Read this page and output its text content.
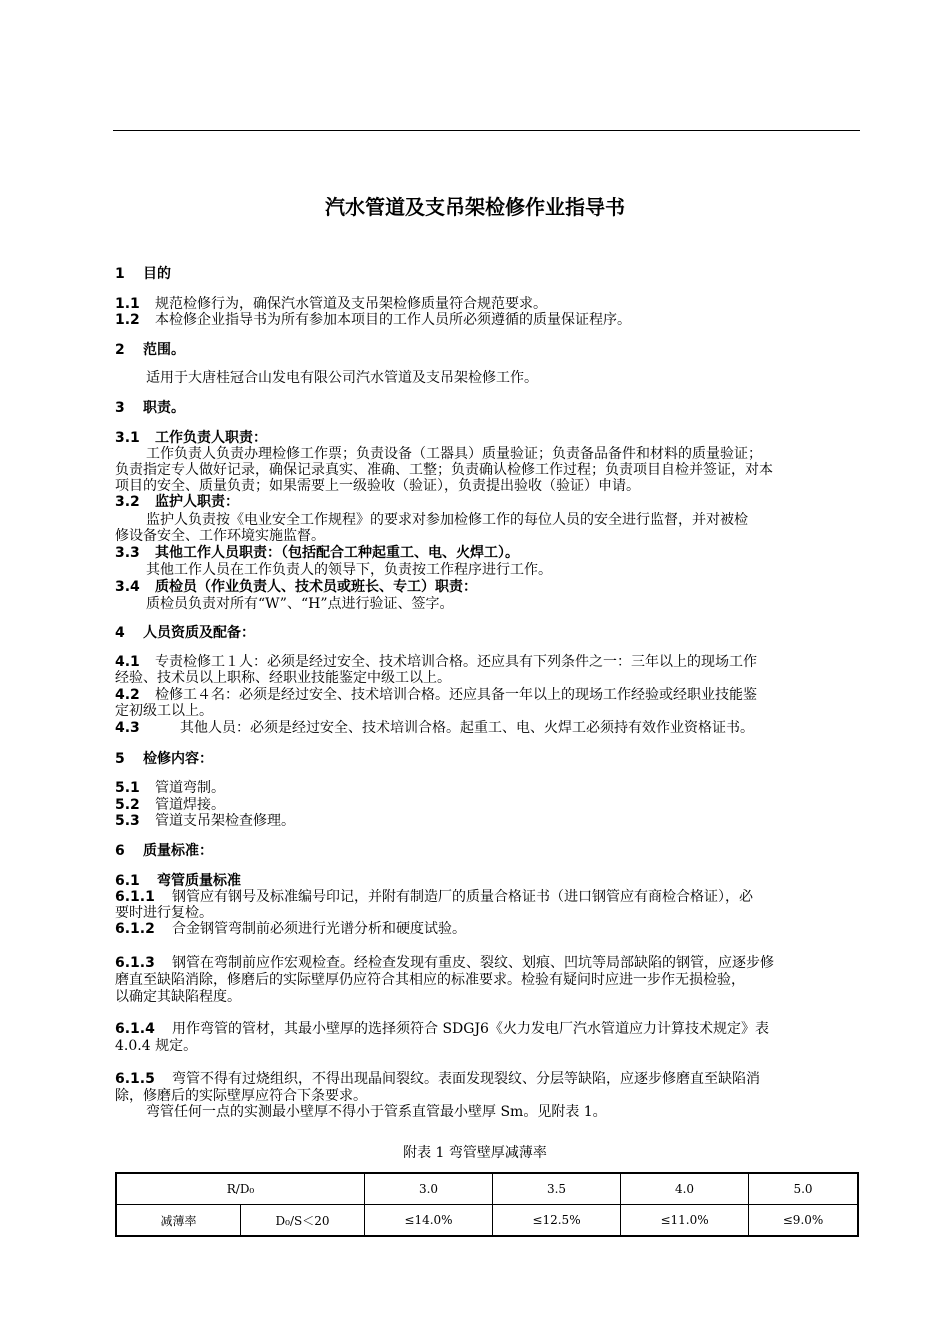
汽水管道及支吊架检修作业指导书
1 目的
1.1 规范检修行为，确保汽水管道及支吊架检修质量符合规范要求。
1.2 本检修企业指导书为所有参加本项目的工作人员所必须遵循的质量保证程序。
2 范围。
适用于大唐桂冠合山发电有限公司汽水管道及支吊架检修工作。
3 职责。
3.1 工作负责人职责：
工作负责人负责办理检修工作票；负责设备（工器具）质量验证；负责备品备件和材料的质量验证；
负责指定专人做好记录，确保记录真实、准确、工整；负责确认检修工作过程；负责项目自检并签证，对本
项目的安全、质量负责；如果需要上一级验收（验证），负责提出验收（验证）申请。
3.2 监护人职责：
监护人负责按《电业安全工作规程》的要求对参加检修工作的每位人员的安全进行监督，并对被检
修设备安全、工作环境实施监督。
3.3 其他工作人员职责：（包括配合工种起重工、电、火焊工）。
其他工作人员在工作负责人的领导下，负责按工作程序进行工作。
3.4 质检员（作业负责人、技术员或班长、专工）职责：
质检员负责对所有“W”、“H”点进行验证、签字。
4 人员资质及配备：
4.1 专责检修工１人：必须是经过安全、技术培训合格。还应具有下列条件之一：三年以上的现场工作
经验、技术员以上职称、经职业技能鉴定中级工以上。
4.2 检修工４名：必须是经过安全、技术培训合格。还应具备一年以上的现场工作经验或经职业技能鉴
定初级工以上。
4.3	其他人员：必须是经过安全、技术培训合格。起重工、电、火焊工必须持有效作业资格证书。
5 检修内容：
5.1 管道弯制。
5.2 管道焊接。
5.3 管道支吊架检查修理。
6 质量标准：
6.1 弯管质量标准
6.1.1 钢管应有钢号及标准编号印记，并附有制造厂的质量合格证书（进口钢管应有商检合格证），必
要时进行复检。
6.1.2 合金钢管弯制前必须进行光谱分析和硬度试验。
6.1.3 钢管在弯制前应作宏观检查。经检查发现有重皮、裂纹、划痕、凹坑等局部缺陷的钢管，应逐步修
磨直至缺陷消除，修磨后的实际壁厚仍应符合其相应的标准要求。检验有疑问时应进一步作无损检验，
以确定其缺陷程度。
6.1.4 用作弯管的管材，其最小壁厚的选择须符合 SDGJ6《火力发电厂汽水管道应力计算技术规定》表
4.0.4 规定。
6.1.5 弯管不得有过烧组织，不得出现晶间裂纹。表面发现裂纹、分层等缺陷，应逐步修磨直至缺陷消
除，修磨后的实际壁厚应符合下条要求。
弯管任何一点的实测最小壁厚不得小于管系直管最小壁厚 Sm。见附表 1。
附表 1 弯管壁厚减薄率
R/D₀		3.0	3.5	4.0	5.0
减薄率	D₀/S＜20	≤14.0%	≤12.5%	≤11.0%	≤9.0%
